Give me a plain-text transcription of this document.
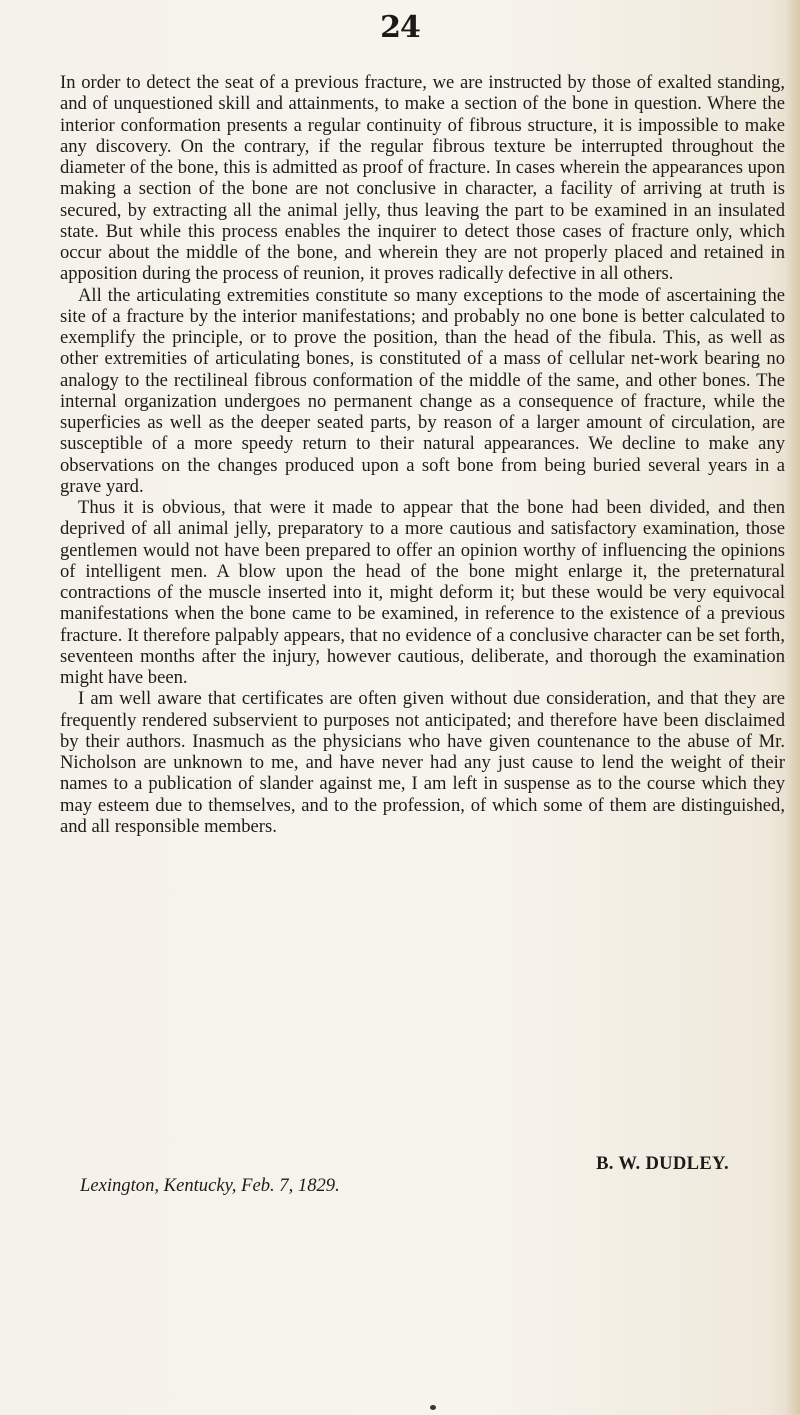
24

In order to detect the seat of a previous fracture, we are instructed by those of exalted standing, and of unquestioned skill and attainments, to make a section of the bone in question. Where the interior conformation presents a regular continuity of fibrous structure, it is impossible to make any discovery. On the contrary, if the regular fibrous texture be interrupted throughout the diameter of the bone, this is admitted as proof of fracture. In cases wherein the appearances upon making a section of the bone are not conclusive in character, a facility of arriving at truth is secured, by extracting all the animal jelly, thus leaving the part to be examined in an insulated state. But while this process enables the inquirer to detect those cases of fracture only, which occur about the middle of the bone, and wherein they are not properly placed and retained in apposition during the process of reunion, it proves radically defective in all others.

All the articulating extremities constitute so many exceptions to the mode of ascertaining the site of a fracture by the interior manifestations; and probably no one bone is better calculated to exemplify the principle, or to prove the position, than the head of the fibula. This, as well as other extremities of articulating bones, is constituted of a mass of cellular net-work bearing no analogy to the rectilineal fibrous conformation of the middle of the same, and other bones. The internal organization undergoes no permanent change as a consequence of fracture, while the superficies as well as the deeper seated parts, by reason of a larger amount of circulation, are susceptible of a more speedy return to their natural appearances. We decline to make any observations on the changes produced upon a soft bone from being buried several years in a grave yard.

Thus it is obvious, that were it made to appear that the bone had been divided, and then deprived of all animal jelly, preparatory to a more cautious and satisfactory examination, those gentlemen would not have been prepared to offer an opinion worthy of influencing the opinions of intelligent men. A blow upon the head of the bone might enlarge it, the preternatural contractions of the muscle inserted into it, might deform it; but these would be very equivocal manifestations when the bone came to be examined, in reference to the existence of a previous fracture. It therefore palpably appears, that no evidence of a conclusive character can be set forth, seventeen months after the injury, however cautious, deliberate, and thorough the examination might have been.

I am well aware that certificates are often given without due consideration, and that they are frequently rendered subservient to purposes not anticipated; and therefore have been disclaimed by their authors. Inasmuch as the physicians who have given countenance to the abuse of Mr. Nicholson are unknown to me, and have never had any just cause to lend the weight of their names to a publication of slander against me, I am left in suspense as to the course which they may esteem due to themselves, and to the profession, of which some of them are distinguished, and all responsible members.

B. W. DUDLEY.
Lexington, Kentucky, Feb. 7, 1829.
